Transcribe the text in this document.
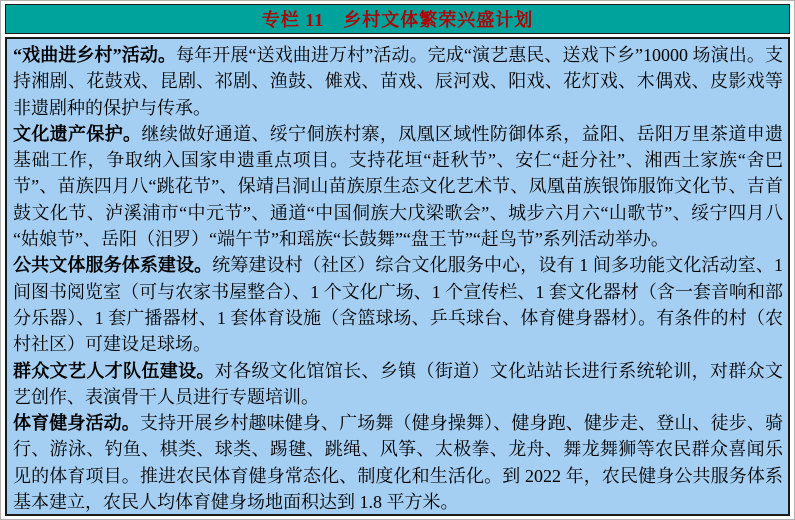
专栏 11　乡村文体繁荣兴盛计划

“戏曲进乡村”活动。每年开展“送戏曲进万村”活动。完成“演艺惠民、送戏下乡”10000 场演出。支持湘剧、花鼓戏、昆剧、祁剧、渔鼓、傩戏、苗戏、辰河戏、阳戏、花灯戏、木偶戏、皮影戏等非遗剧种的保护与传承。

文化遗产保护。继续做好通道、绥宁侗族村寨，凤凰区域性防御体系，益阳、岳阳万里茶道申遗基础工作，争取纳入国家申遗重点项目。支持花垣“赶秋节”、安仁“赶分社”、湘西土家族“舍巴节”、苗族四月八“跳花节”、保靖吕洞山苗族原生态文化艺术节、凤凰苗族银饰服饰文化节、吉首鼓文化节、泸溪浦市“中元节”、通道“中国侗族大戊梁歌会”、城步六月六“山歌节”、绥宁四月八“姑娘节”、岳阳（汨罗）“端午节”和瑶族“长鼓舞”“盘王节”“赶鸟节”系列活动举办。

公共文体服务体系建设。统筹建设村（社区）综合文化服务中心，设有 1 间多功能文化活动室、1 间图书阅览室（可与农家书屋整合）、1 个文化广场、1 个宣传栏、1 套文化器材（含一套音响和部分乐器）、1 套广播器材、1 套体育设施（含篮球场、乒乓球台、体育健身器材）。有条件的村（农村社区）可建设足球场。

群众文艺人才队伍建设。对各级文化馆馆长、乡镇（街道）文化站站长进行系统轮训，对群众文艺创作、表演骨干人员进行专题培训。

体育健身活动。支持开展乡村趣味健身、广场舞（健身操舞）、健身跑、健步走、登山、徒步、骑行、游泳、钓鱼、棋类、球类、踢毽、跳绳、风筝、太极拳、龙舟、舞龙舞狮等农民群众喜闻乐见的体育项目。推进农民体育健身常态化、制度化和生活化。到 2022 年，农民健身公共服务体系基本建立，农民人均体育健身场地面积达到 1.8 平方米。
